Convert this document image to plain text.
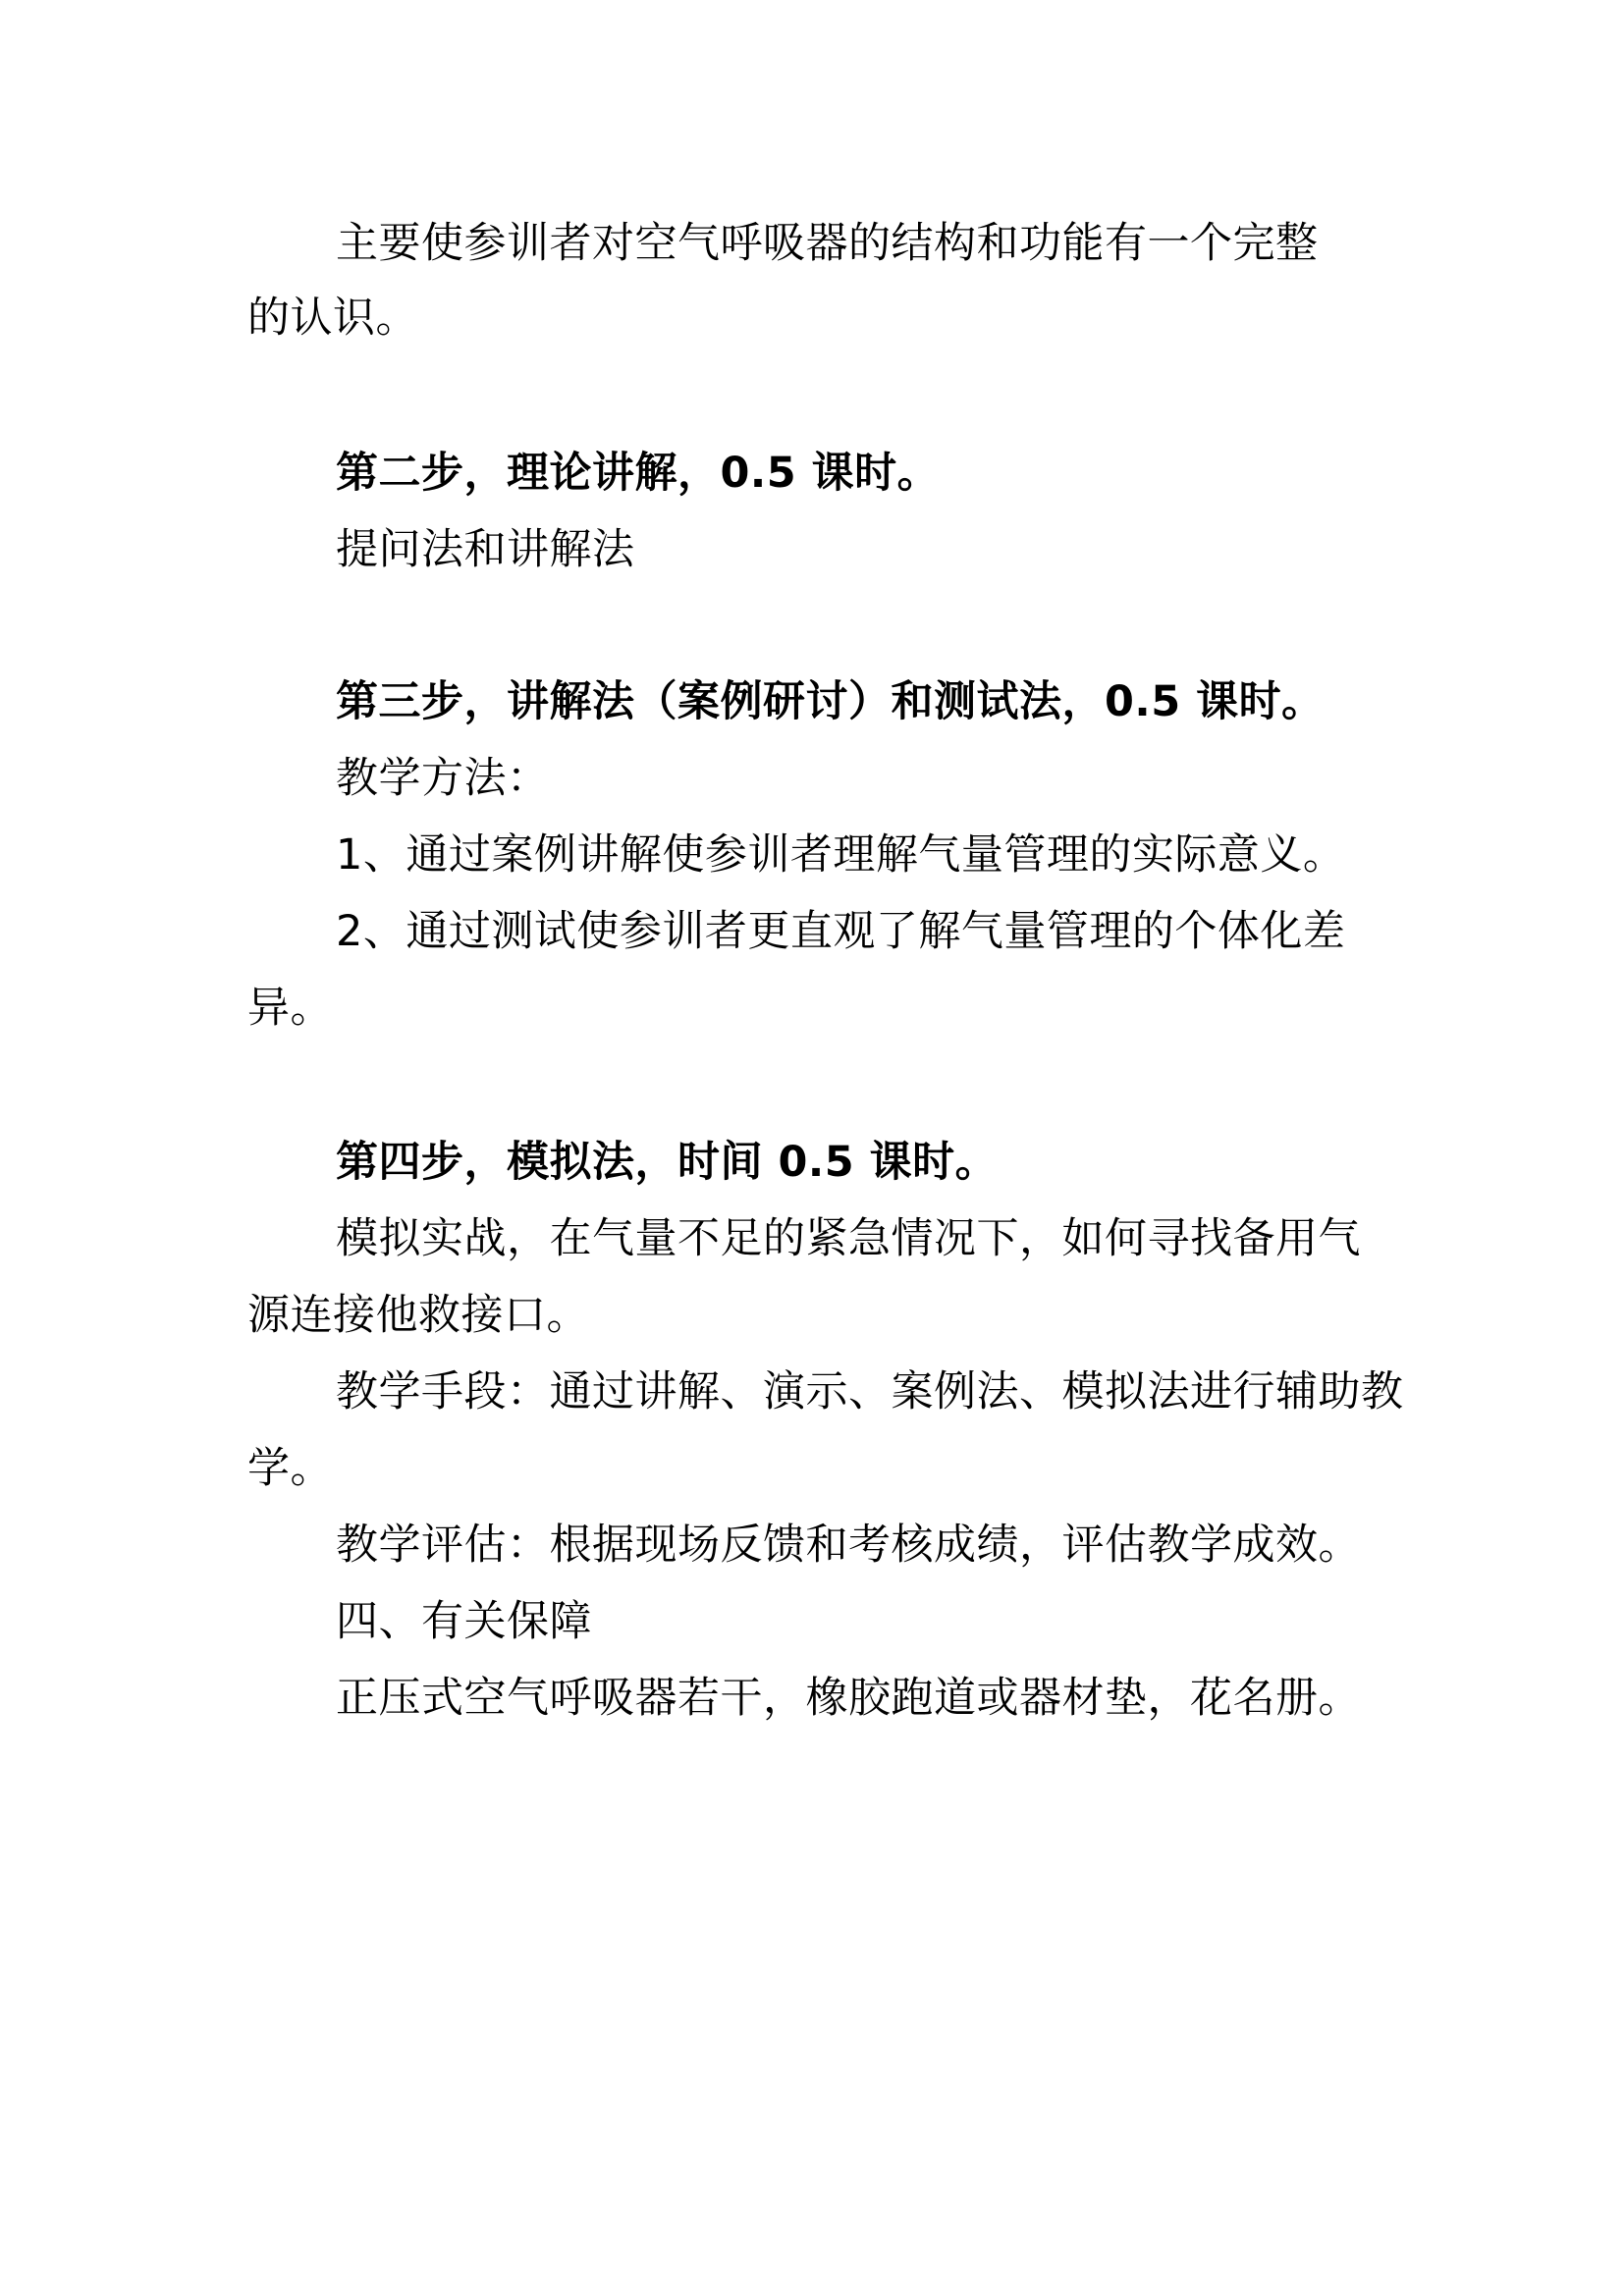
主要使参训者对空气呼吸器的结构和功能有一个完整
的认识。
第二步，理论讲解，0.5 课时。
提问法和讲解法
第三步，讲解法（案例研讨）和测试法，0.5 课时。
教学方法：
1、通过案例讲解使参训者理解气量管理的实际意义。
2、通过测试使参训者更直观了解气量管理的个体化差
异。
第四步，模拟法，时间 0.5 课时。
模拟实战，在气量不足的紧急情况下，如何寻找备用气
源连接他救接口。
教学手段：通过讲解、演示、案例法、模拟法进行辅助教
学。
教学评估：根据现场反馈和考核成绩，评估教学成效。
四、有关保障
正压式空气呼吸器若干，橡胶跑道或器材垫，花名册。
